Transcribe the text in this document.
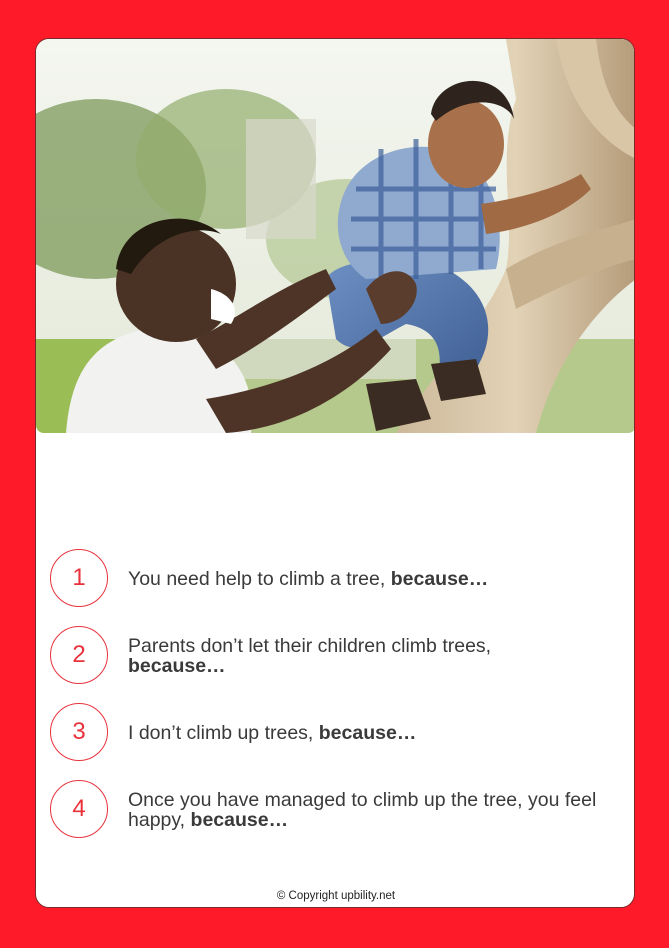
1	You need help to climb a tree, because…
2	Parents don’t let their children climb trees,
because…
3	I don’t climb up trees, because…
4	Once you have managed to climb up the tree, you feel happy, because…
© Copyright upbility.net
